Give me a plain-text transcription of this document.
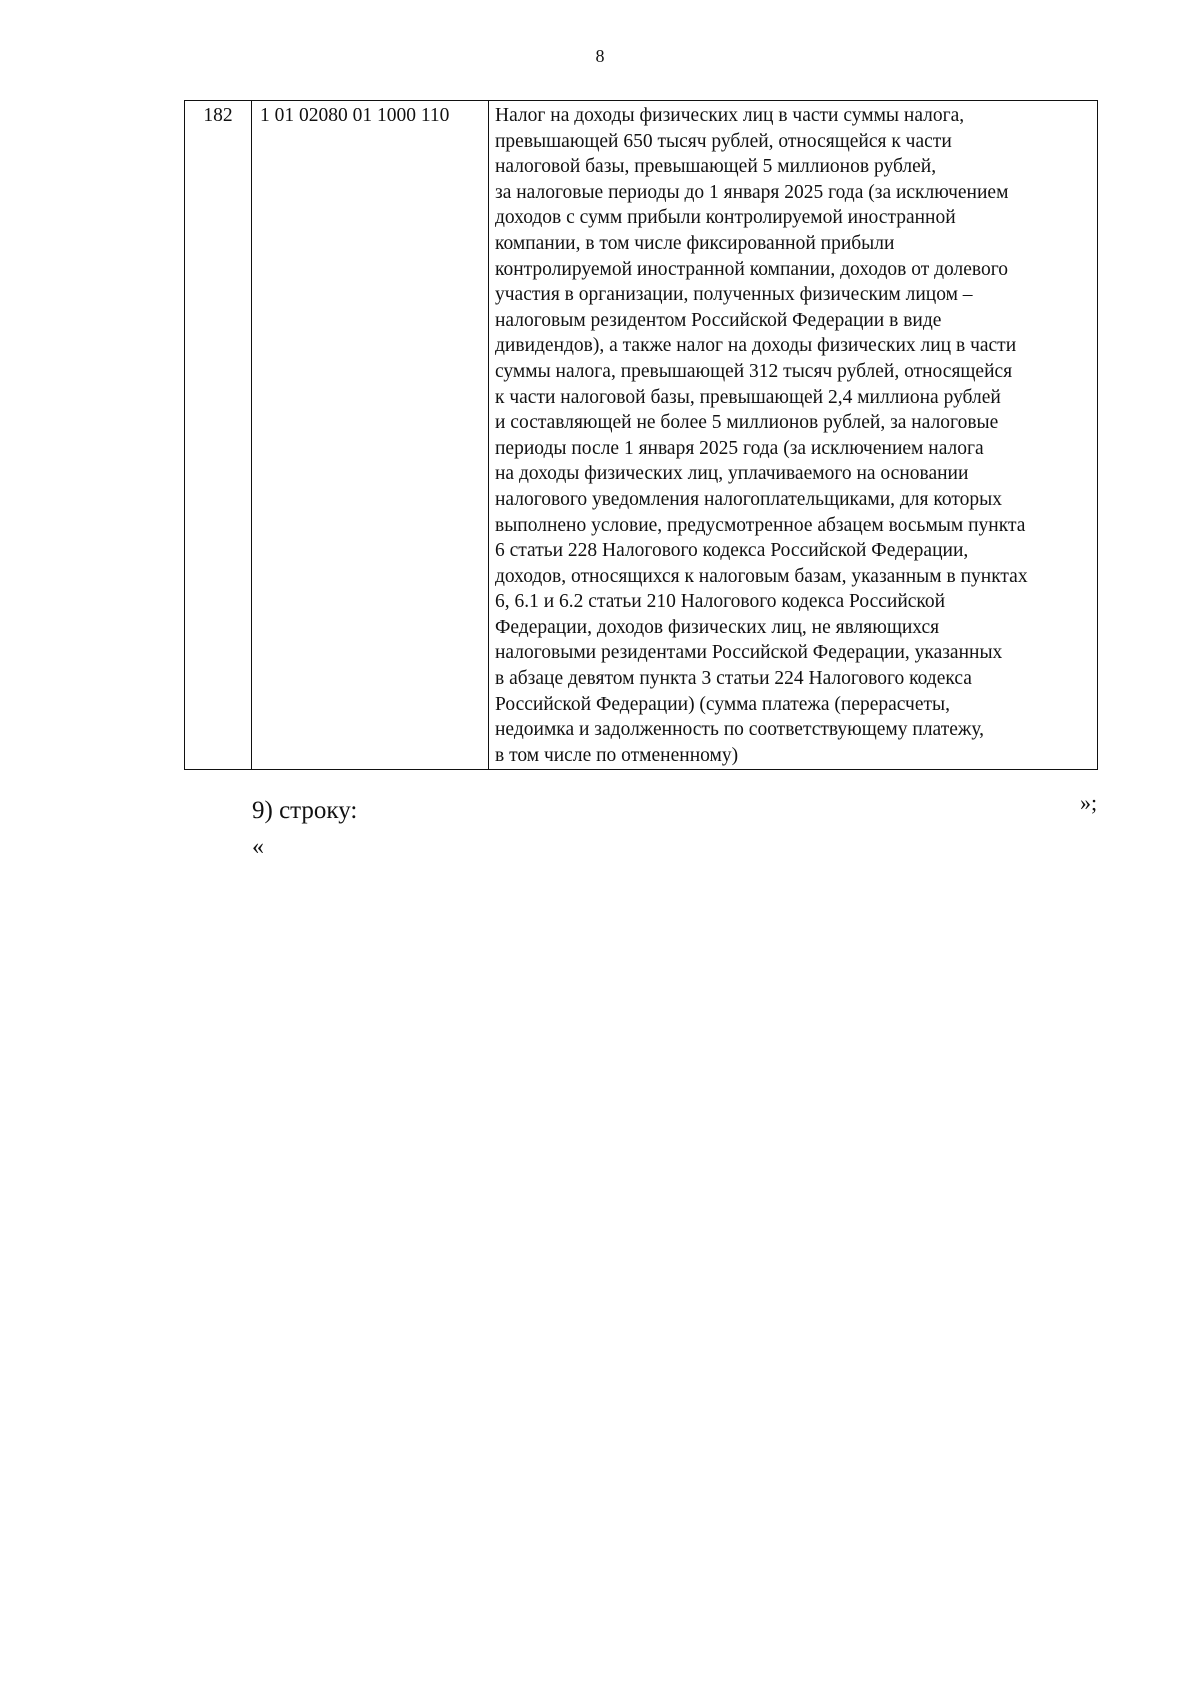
8
182	1 01 02080 01 1000 110	Налог на доходы физических лиц в части суммы налога,
превышающей 650 тысяч рублей, относящейся к части
налоговой базы, превышающей 5 миллионов рублей,
за налоговые периоды до 1 января 2025 года (за исключением
доходов с сумм прибыли контролируемой иностранной
компании, в том числе фиксированной прибыли
контролируемой иностранной компании, доходов от долевого
участия в организации, полученных физическим лицом –
налоговым резидентом Российской Федерации в виде
дивидендов), а также налог на доходы физических лиц в части
суммы налога, превышающей 312 тысяч рублей, относящейся
к части налоговой базы, превышающей 2,4 миллиона рублей
и составляющей не более 5 миллионов рублей, за налоговые
периоды после 1 января 2025 года (за исключением налога
на доходы физических лиц, уплачиваемого на основании
налогового уведомления налогоплательщиками, для которых
выполнено условие, предусмотренное абзацем восьмым пункта
6 статьи 228 Налогового кодекса Российской Федерации,
доходов, относящихся к налоговым базам, указанным в пунктах
6, 6.1 и 6.2 статьи 210 Налогового кодекса Российской
Федерации, доходов физических лиц, не являющихся
налоговыми резидентами Российской Федерации, указанных
в абзаце девятом пункта 3 статьи 224 Налогового кодекса
Российской Федерации) (сумма платежа (перерасчеты,
недоимка и задолженность по соответствующему платежу,
в том числе по отмененному)
»;
9) строку:
«
